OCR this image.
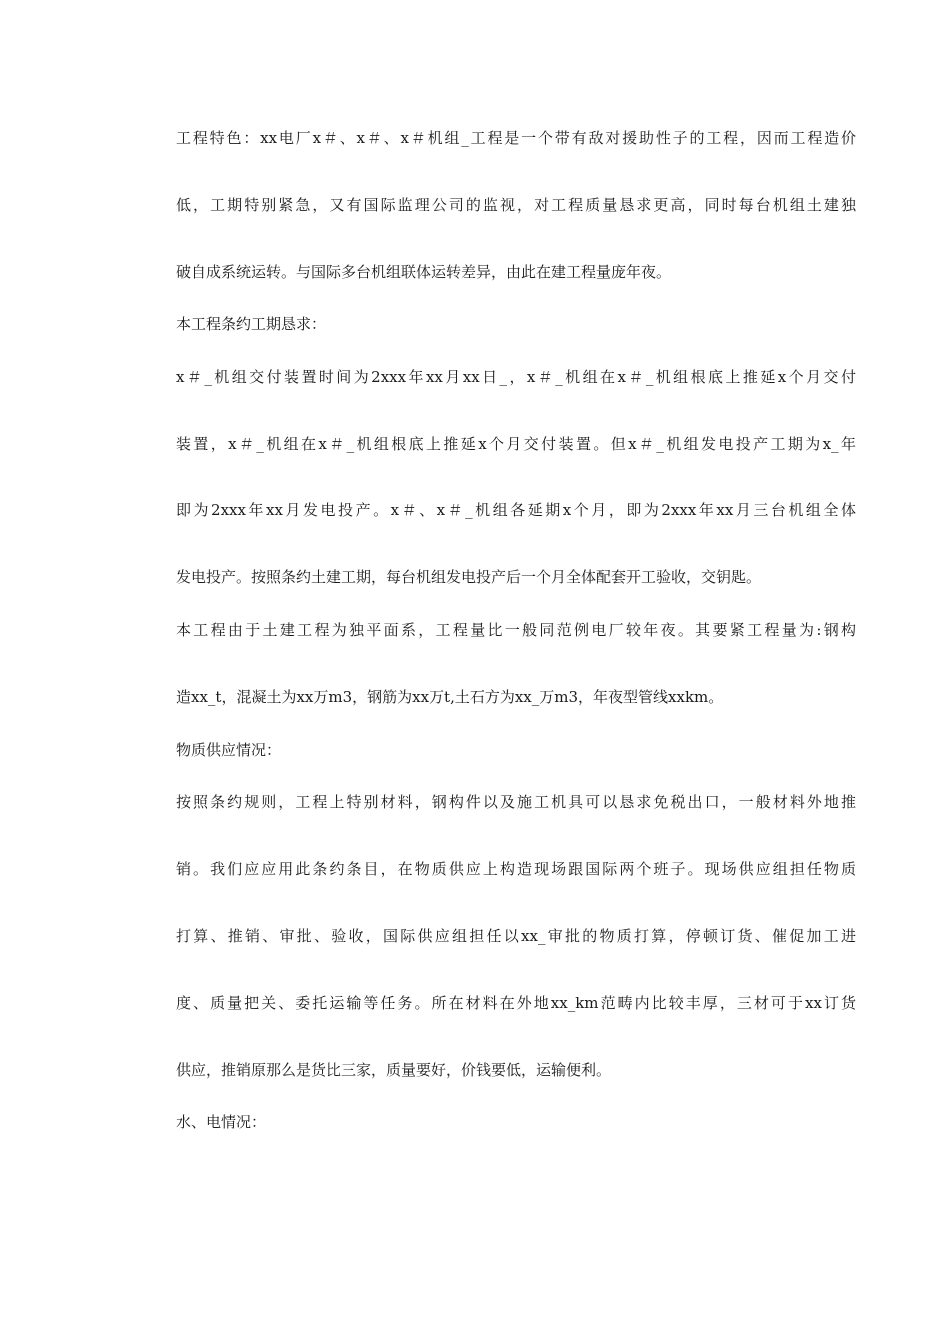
工程特色：xx电厂x＃、x＃、x＃机组_工程是一个带有敌对援助性子的工程，因而工程造价
低，工期特别紧急，又有国际监理公司的监视，对工程质量恳求更高，同时每台机组土建独
破自成系统运转。与国际多台机组联体运转差异，由此在建工程量庞年夜。
本工程条约工期恳求：
x＃_机组交付装置时间为2xxx年xx月xx日_，x＃_机组在x＃_机组根底上推延x个月交付
装置，x＃_机组在x＃_机组根底上推延x个月交付装置。但x＃_机组发电投产工期为x_年
即为2xxx年xx月发电投产。x＃、x＃_机组各延期x个月，即为2xxx年xx月三台机组全体
发电投产。按照条约土建工期，每台机组发电投产后一个月全体配套开工验收，交钥匙。
本工程由于土建工程为独平面系，工程量比一般同范例电厂较年夜。其要紧工程量为:钢构
造xx_t，混凝土为xx万m3，钢筋为xx万t,土石方为xx_万m3，年夜型管线xxkm。
物质供应情况：
按照条约规则，工程上特别材料，钢构件以及施工机具可以恳求免税出口，一般材料外地推
销。我们应应用此条约条目，在物质供应上构造现场跟国际两个班子。现场供应组担任物质
打算、推销、审批、验收，国际供应组担任以xx_审批的物质打算，停顿订货、催促加工进
度、质量把关、委托运输等任务。所在材料在外地xx_km范畴内比较丰厚，三材可于xx订货
供应，推销原那么是货比三家，质量要好，价钱要低，运输便利。
水、电情况：
